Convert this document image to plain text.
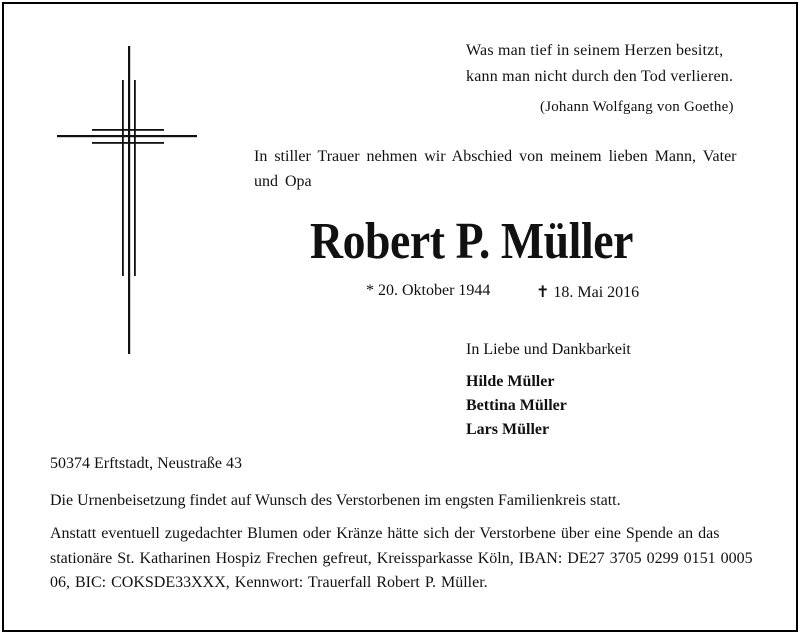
Was man tief in seinem Herzen besitzt,
kann man nicht durch den Tod verlieren.
(Johann Wolfgang von Goethe)
In stiller Trauer nehmen wir Abschied von meinem lieben Mann, Vater und Opa
Robert P. Müller
* 20. Oktober 1944	✝ 18. Mai 2016
In Liebe und Dankbarkeit
Hilde Müller
Bettina Müller
Lars Müller
50374 Erftstadt, Neustraße 43
Die Urnenbeisetzung findet auf Wunsch des Verstorbenen im engsten Familienkreis statt.
Anstatt eventuell zugedachter Blumen oder Kränze hätte sich der Verstorbene über eine Spende an das stationäre St. Katharinen Hospiz Frechen gefreut, Kreissparkasse Köln, IBAN: DE27 3705 0299 0151 0005 06, BIC: COKSDE33XXX, Kennwort: Trauerfall Robert P. Müller.
